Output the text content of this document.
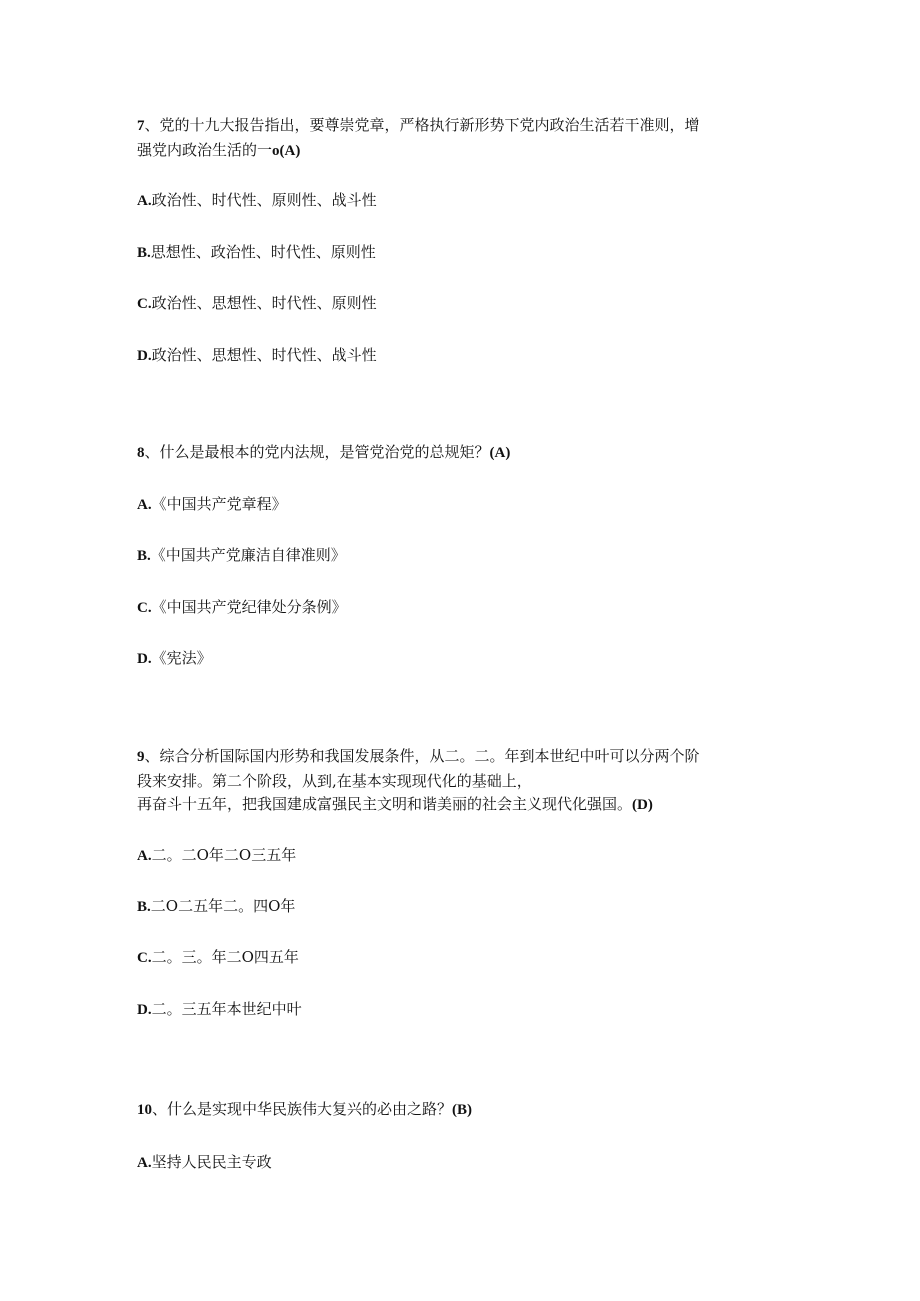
7、党的十九大报告指出，要尊崇党章，严格执行新形势下党内政治生活若干准则，增
强党内政治生活的一o(A)
A.政治性、时代性、原则性、战斗性
B.思想性、政治性、时代性、原则性
C.政治性、思想性、时代性、原则性
D.政治性、思想性、时代性、战斗性
8、什么是最根本的党内法规，是管党治党的总规矩？(A)
A.《中国共产党章程》
B.《中国共产党廉洁自律准则》
C.《中国共产党纪律处分条例》
D.《宪法》
9、综合分析国际国内形势和我国发展条件，从二。二。年到本世纪中叶可以分两个阶
段来安排。第二个阶段，从到,在基本实现现代化的基础上，
再奋斗十五年，把我国建成富强民主文明和谐美丽的社会主义现代化强国。(D)
A.二。二O年二O三五年
B.二O二五年二。四O年
C.二。三。年二O四五年
D.二。三五年本世纪中叶
10、什么是实现中华民族伟大复兴的必由之路？(B)
A.坚持人民民主专政
